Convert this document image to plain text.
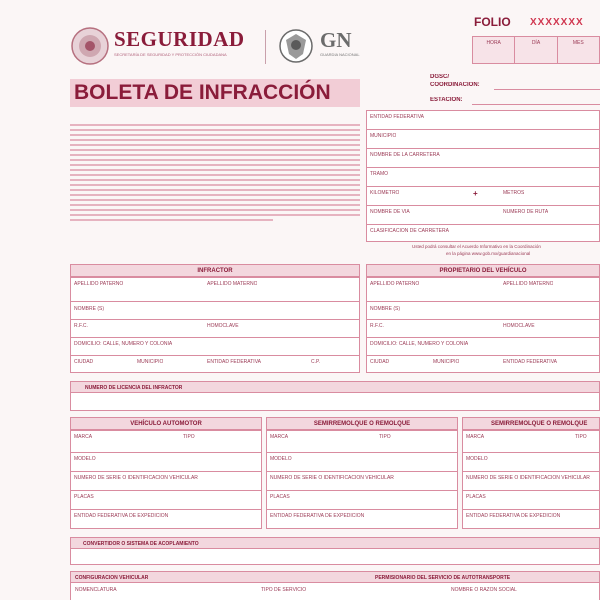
SEGURIDAD
SECRETARÍA DE SEGURIDAD Y PROTECCIÓN CIUDADANA
GN
GUARDIA NACIONAL
FOLIO XXXXXXX
HORA	DÍA	MES
BOLETA DE INFRACCIÓN
DGSC/
COORDINACIÓN:
ESTACIÓN:
ENTIDAD FEDERATIVA
MUNICIPIO
NOMBRE DE LA CARRETERA
TRAMO
KILÓMETRO	+	METROS
NOMBRE DE VÍA	NÚMERO DE RUTA
CLASIFICACIÓN DE CARRETERA
Usted podrá consultar el Acuerdo Informativo en la Coordinación
en la página www.gob.mx/guardianacional
INFRACTOR
APELLIDO PATERNO	APELLIDO MATERNO
NOMBRE (S)
R.F.C.	HOMOCLAVE
DOMICILIO: CALLE, NÚMERO Y COLONIA
CIUDAD	MUNICIPIO	ENTIDAD FEDERATIVA	C.P.
PROPIETARIO DEL VEHÍCULO
APELLIDO PATERNO	APELLIDO MATERNO
NOMBRE (S)
R.F.C.	HOMOCLAVE
DOMICILIO: CALLE, NÚMERO Y COLONIA
CIUDAD	MUNICIPIO	ENTIDAD FEDERATIVA
NÚMERO DE LICENCIA DEL INFRACTOR
VEHÍCULO AUTOMOTOR
MARCA	TIPO
MODELO
NÚMERO DE SERIE O IDENTIFICACIÓN VEHICULAR
PLACAS
ENTIDAD FEDERATIVA DE EXPEDICIÓN
SEMIRREMOLQUE O REMOLQUE
MARCA	TIPO
MODELO
NÚMERO DE SERIE O IDENTIFICACIÓN VEHICULAR
PLACAS
ENTIDAD FEDERATIVA DE EXPEDICIÓN
SEMIRREMOLQUE O REMOLQUE
MARCA	TIPO
MODELO
NÚMERO DE SERIE O IDENTIFICACIÓN VEHICULAR
PLACAS
ENTIDAD FEDERATIVA DE EXPEDICIÓN
CONVERTIDOR O SISTEMA DE ACOPLAMIENTO
CONFIGURACIÓN VEHICULAR	PERMISIONARIO DEL SERVICIO DE AUTOTRANSPORTE
NOMENCLATURA	TIPO DE SERVICIO	NOMBRE O RAZÓN SOCIAL
